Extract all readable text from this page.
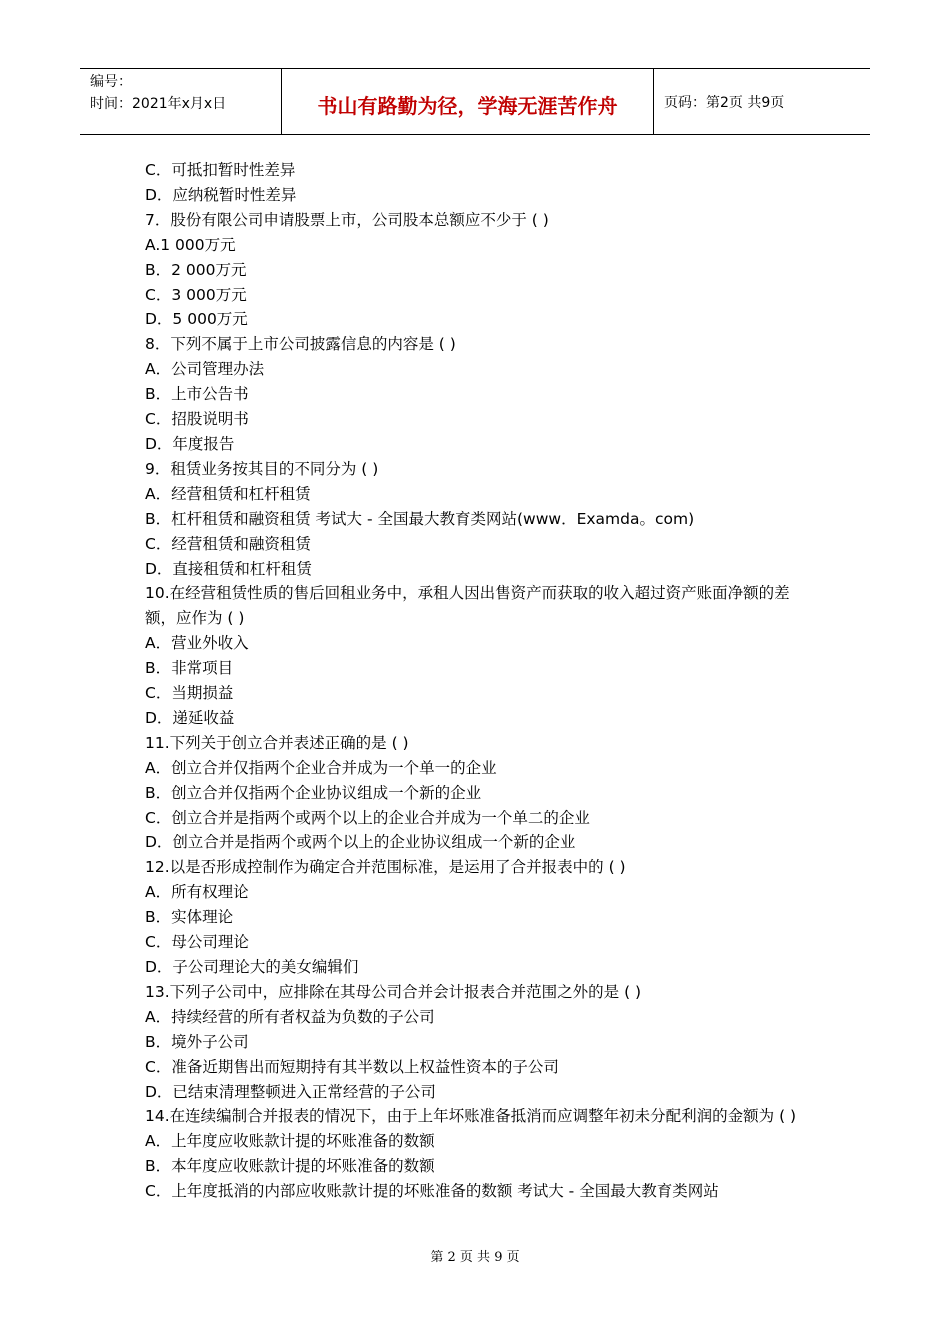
编号：
时间：2021年x月x日	书山有路勤为径，学海无涯苦作舟	页码：第2页 共9页
C．可抵扣暂时性差异
D．应纳税暂时性差异
7．股份有限公司申请股票上市，公司股本总额应不少于 ( )
A.1 000万元
B．2 000万元
C．3 000万元
D．5 000万元
8．下列不属于上市公司披露信息的内容是 ( )
A．公司管理办法
B．上市公告书
C．招股说明书
D．年度报告
9．租赁业务按其目的不同分为 ( )
A．经营租赁和杠杆租赁
B．杠杆租赁和融资租赁 考试大 - 全国最大教育类网站(www．Examda。com)
C．经营租赁和融资租赁
D．直接租赁和杠杆租赁
10.在经营租赁性质的售后回租业务中，承租人因出售资产而获取的收入超过资产账面净额的差额，应作为 ( )
A．营业外收入
B．非常项目
C．当期损益
D．递延收益
11.下列关于创立合并表述正确的是 ( )
A．创立合并仅指两个企业合并成为一个单一的企业
B．创立合并仅指两个企业协议组成一个新的企业
C．创立合并是指两个或两个以上的企业合并成为一个单二的企业
D．创立合并是指两个或两个以上的企业协议组成一个新的企业
12.以是否形成控制作为确定合并范围标准，是运用了合并报表中的 ( )
A．所有权理论
B．实体理论
C．母公司理论
D．子公司理论大的美女编辑们
13.下列子公司中，应排除在其母公司合并会计报表合并范围之外的是 ( )
A．持续经营的所有者权益为负数的子公司
B．境外子公司
C．准备近期售出而短期持有其半数以上权益性资本的子公司
D．已结束清理整顿进入正常经营的子公司
14.在连续编制合并报表的情况下，由于上年坏账准备抵消而应调整年初未分配利润的金额为 ( )
A．上年度应收账款计提的坏账准备的数额
B．本年度应收账款计提的坏账准备的数额
C．上年度抵消的内部应收账款计提的坏账准备的数额 考试大 - 全国最大教育类网站
第 2 页 共 9 页
